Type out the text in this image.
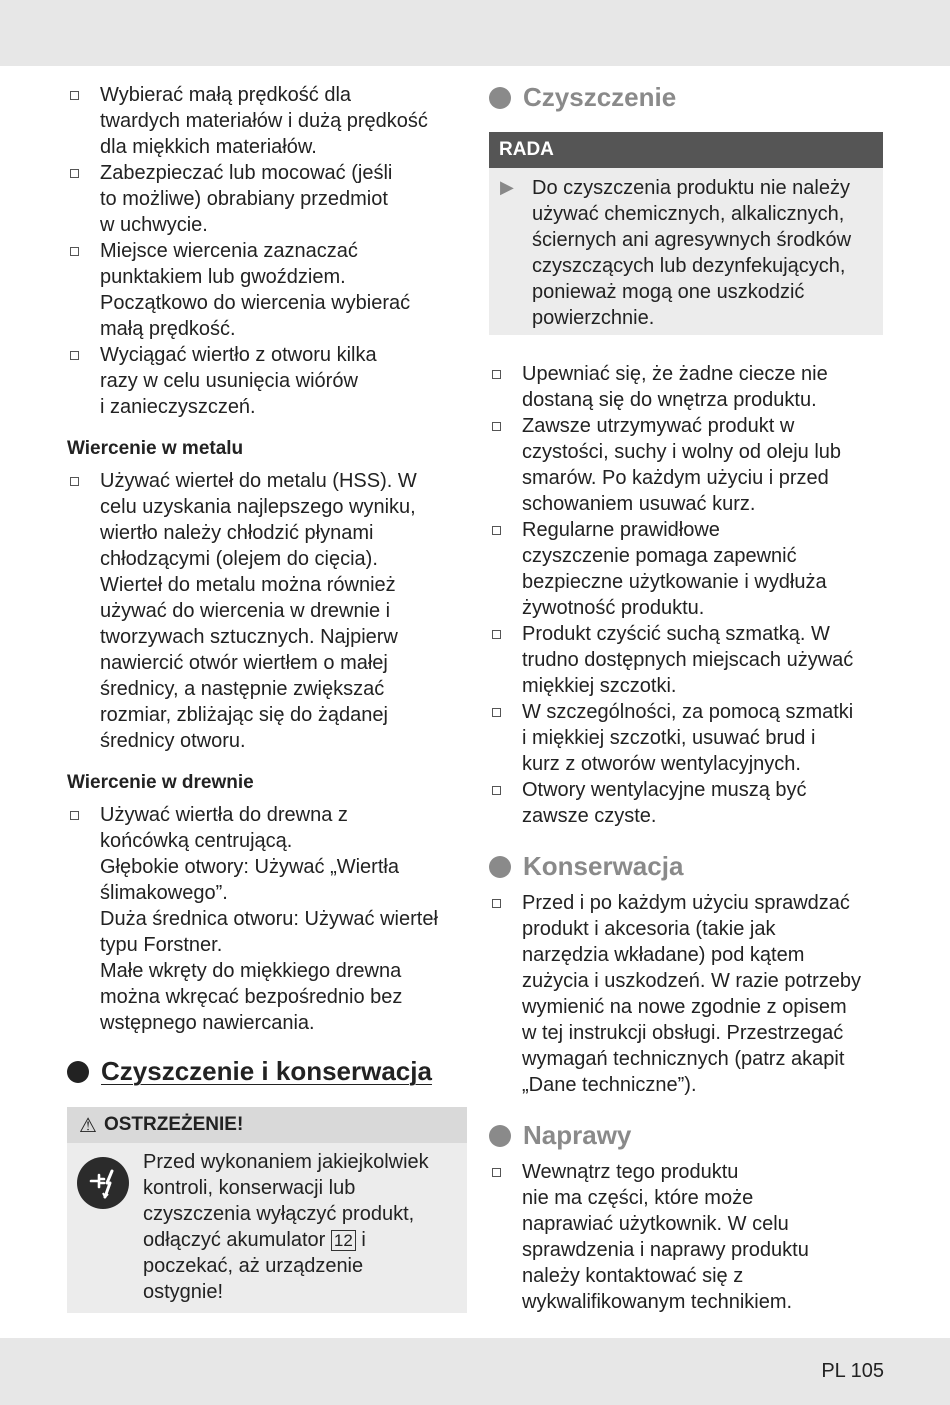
Wybierać małą prędkość dla
twardych materiałów i dużą prędkość
dla miękkich materiałów.
Zabezpieczać lub mocować (jeśli
to możliwe) obrabiany przedmiot
w uchwycie.
Miejsce wiercenia zaznaczać
punktakiem lub gwoździem.
Początkowo do wiercenia wybierać
małą prędkość.
Wyciągać wiertło z otworu kilka
razy w celu usunięcia wiórów
i zanieczyszczeń.
Wiercenie w metalu
Używać wierteł do metalu (HSS). W
celu uzyskania najlepszego wyniku,
wiertło należy chłodzić płynami
chłodzącymi (olejem do cięcia).
Wierteł do metalu można również
używać do wiercenia w drewnie i
tworzywach sztucznych. Najpierw
nawiercić otwór wiertłem o małej
średnicy, a następnie zwiększać
rozmiar, zbliżając się do żądanej
średnicy otworu.
Wiercenie w drewnie
Używać wiertła do drewna z
końcówką centrującą.
Głębokie otwory: Używać „Wiertła
ślimakowego”.
Duża średnica otworu: Używać wierteł
typu Forstner.
Małe wkręty do miękkiego drewna
można wkręcać bezpośrednio bez
wstępnego nawiercania.
Czyszczenie i konserwacja
⚠ OSTRZEŻENIE!
Przed wykonaniem jakiejkolwiek
kontroli, konserwacji lub
czyszczenia wyłączyć produkt,
odłączyć akumulator 12 i
poczekać, aż urządzenie
ostygnie!
Czyszczenie
RADA
▶ Do czyszczenia produktu nie należy
używać chemicznych, alkalicznych,
ściernych ani agresywnych środków
czyszczących lub dezynfekujących,
ponieważ mogą one uszkodzić
powierzchnie.
Upewniać się, że żadne ciecze nie
dostaną się do wnętrza produktu.
Zawsze utrzymywać produkt w
czystości, suchy i wolny od oleju lub
smarów. Po każdym użyciu i przed
schowaniem usuwać kurz.
Regularne prawidłowe
czyszczenie pomaga zapewnić
bezpieczne użytkowanie i wydłuża
żywotność produktu.
Produkt czyścić suchą szmatką. W
trudno dostępnych miejscach używać
miękkiej szczotki.
W szczególności, za pomocą szmatki
i miękkiej szczotki, usuwać brud i
kurz z otworów wentylacyjnych.
Otwory wentylacyjne muszą być
zawsze czyste.
Konserwacja
Przed i po każdym użyciu sprawdzać
produkt i akcesoria (takie jak
narzędzia wkładane) pod kątem
zużycia i uszkodzeń. W razie potrzeby
wymienić na nowe zgodnie z opisem
w tej instrukcji obsługi. Przestrzegać
wymagań technicznych (patrz akapit
„Dane techniczne”).
Naprawy
Wewnątrz tego produktu
nie ma części, które może
naprawiać użytkownik. W celu
sprawdzenia i naprawy produktu
należy kontaktować się z
wykwalifikowanym technikiem.
PL 105
